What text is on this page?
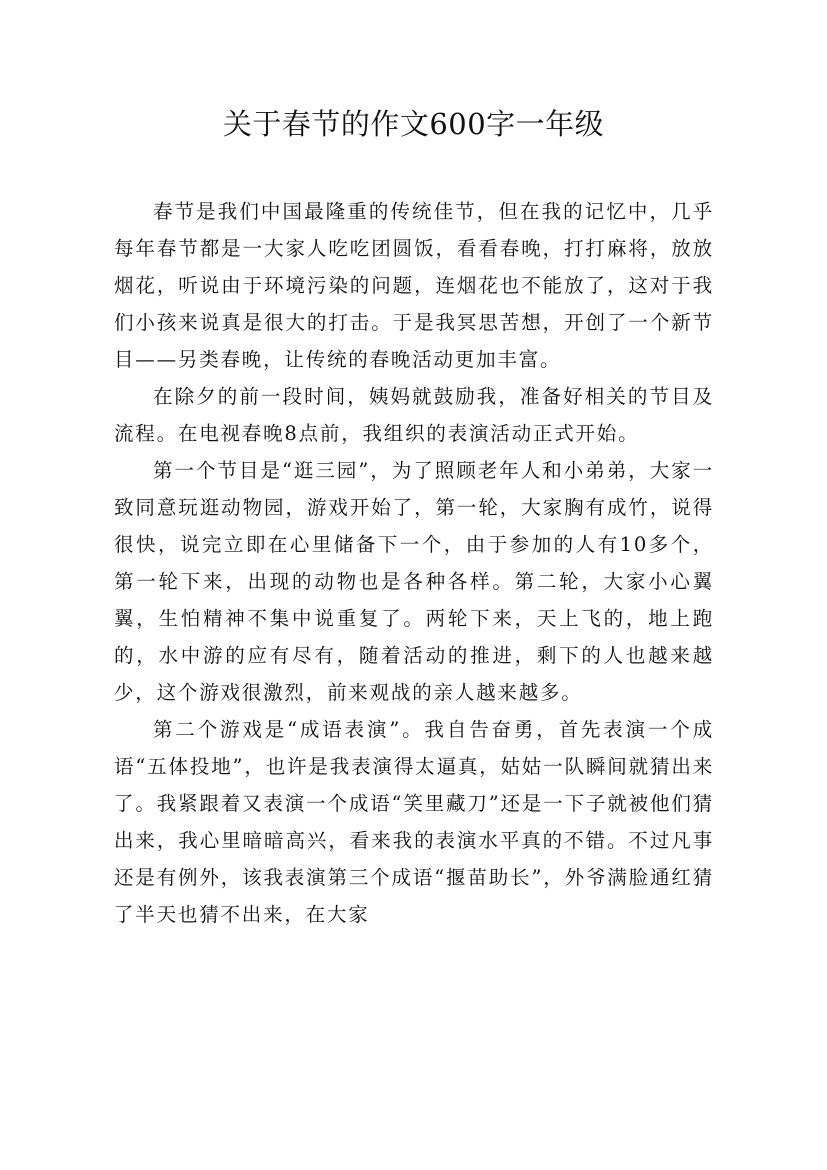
关于春节的作文600字一年级

春节是我们中国最隆重的传统佳节，但在我的记忆中，几乎每年春节都是一大家人吃吃团圆饭，看看春晚，打打麻将，放放烟花，听说由于环境污染的问题，连烟花也不能放了，这对于我们小孩来说真是很大的打击。于是我冥思苦想，开创了一个新节目——另类春晚，让传统的春晚活动更加丰富。

在除夕的前一段时间，姨妈就鼓励我，准备好相关的节目及流程。在电视春晚8点前，我组织的表演活动正式开始。

第一个节目是“逛三园”，为了照顾老年人和小弟弟，大家一致同意玩逛动物园，游戏开始了，第一轮，大家胸有成竹，说得很快，说完立即在心里储备下一个，由于参加的人有10多个，第一轮下来，出现的动物也是各种各样。第二轮，大家小心翼翼，生怕精神不集中说重复了。两轮下来，天上飞的，地上跑的，水中游的应有尽有，随着活动的推进，剩下的人也越来越少，这个游戏很激烈，前来观战的亲人越来越多。

第二个游戏是“成语表演”。我自告奋勇，首先表演一个成语“五体投地”，也许是我表演得太逼真，姑姑一队瞬间就猜出来了。我紧跟着又表演一个成语“笑里藏刀”还是一下子就被他们猜出来，我心里暗暗高兴，看来我的表演水平真的不错。不过凡事还是有例外，该我表演第三个成语“揠苗助长”，外爷满脸通红猜了半天也猜不出来，在大家
